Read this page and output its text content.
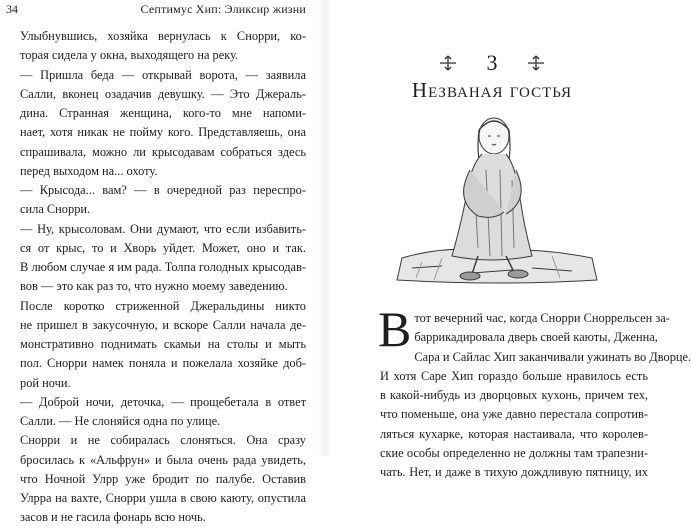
34	Септимус Хип: Эликсир жизни

Улыбнувшись, хозяйка вернулась к Снорри, ко-
торая сидела у окна, выходящего на реку.

— Пришла беда — открывай ворота, — заявила
Салли, вконец озадачив девушку. — Это Джераль-
дина. Странная женщина, кого-то мне напоми-
нает, хотя никак не пойму кого. Представляешь, она
спрашивала, можно ли крысодавам собраться здесь
перед выходом на... охоту.

— Крысода... вам? — в очередной раз переспро-
сила Снорри.

— Ну, крысоловам. Они думают, что если избавить-
ся от крыс, то и Хворь уйдет. Может, оно и так.
В любом случае я им рада. Толпа голодных крысодав-
вов — это как раз то, что нужно моему заведению.

После коротко стриженной Джеральдины никто
не пришел в закусочную, и вскоре Салли начала де-
монстративно поднимать скамьи на столы и мыть
пол. Снорри намек поняла и пожелала хозяйке доб-
рой ночи.

— Доброй ночи, деточка, — прощебетала в ответ
Салли. — Не слоняйся одна по улице.

Снорри и не собиралась слоняться. Она сразу
бросилась к «Альфрун» и была очень рада увидеть,
что Ночной Улрр уже бродит по палубе. Оставив
Улрра на вахте, Снорри ушла в свою каюту, опустила
засов и не гасила фонарь всю ночь.

3
Незваная гостья
В тот вечерний час, когда Снорри Сноррельсен за-
баррикадировала дверь своей каюты, Дженна,
Сара и Сайлас Хип заканчивали ужинать во Дворце.
И хотя Саре Хип гораздо больше нравилось есть
в какой-нибудь из дворцовых кухонь, причем тех,
что поменьше, она уже давно перестала сопротив-
ляться кухарке, которая настаивала, что королев-
ские особы определенно не должны там трапезни-
чать. Нет, и даже в тихую дождливую пятницу, их
